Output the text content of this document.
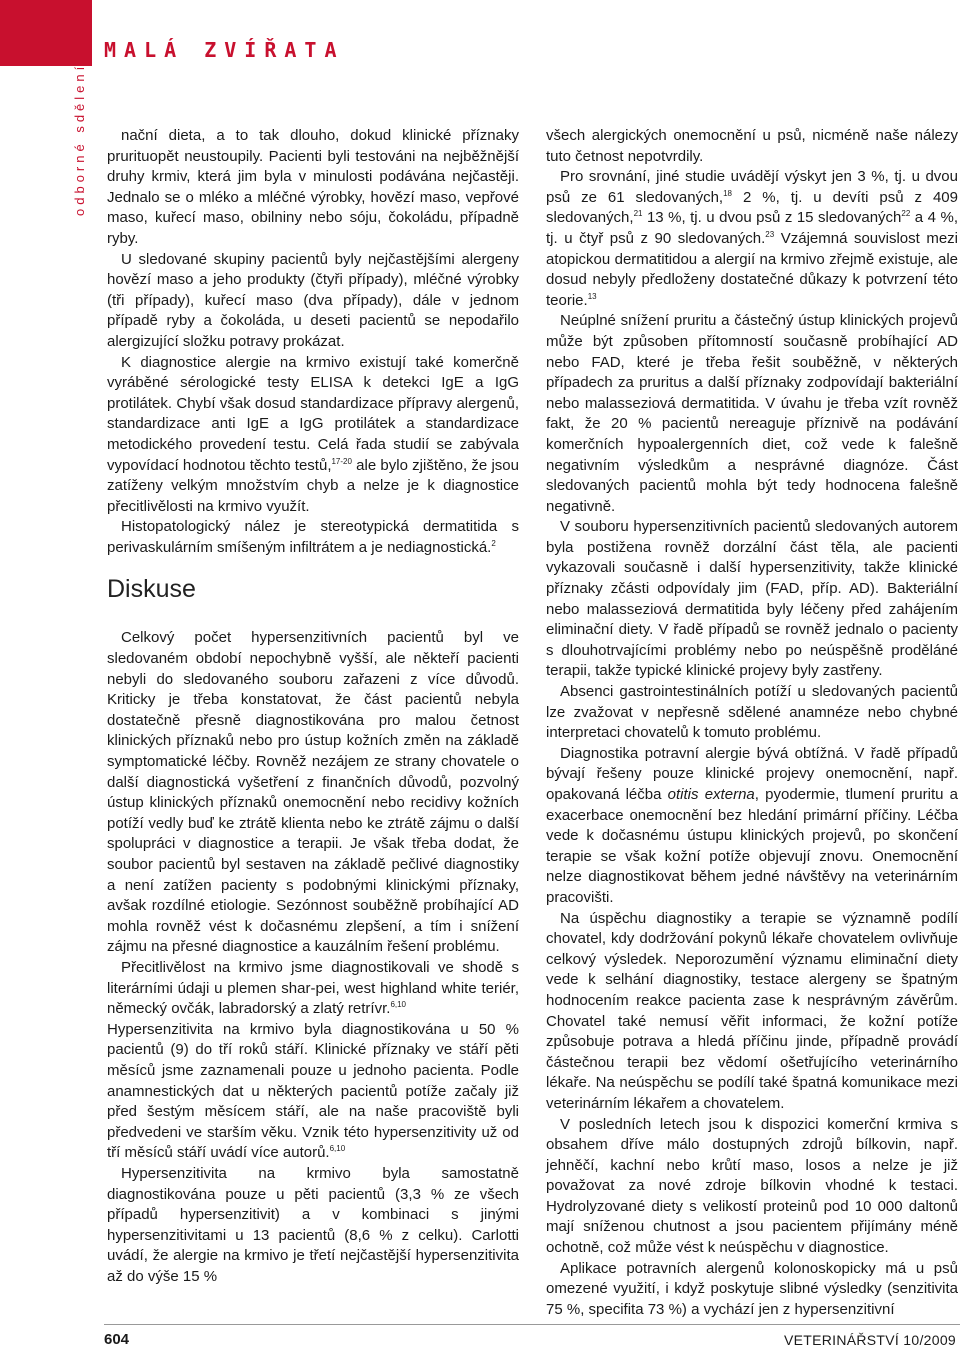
MALÁ ZVÍŘATA
odborné sdělení	nační dieta, a to tak dlouho, dokud klinické příznaky prurituopět neustoupily. Pacienti byli testováni na nejběžnější druhy krmiv, která jim byla v minulosti podávána nejčastěji. Jednalo se o mléko a mléčné výrobky, hovězí maso, vepřové maso, kuřecí maso, obilniny nebo sóju, čokoládu, případně ryby.

U sledované skupiny pacientů byly nejčastějšími alergeny hovězí maso a jeho produkty (čtyři případy), mléčné výrobky (tři případy), kuřecí maso (dva případy), dále v jednom případě ryby a čokoláda, u deseti pacientů se nepodařilo alergizující složku potravy prokázat.

K diagnostice alergie na krmivo existují také komerčně vyráběné sérologické testy ELISA k detekci IgE a IgG protilátek. Chybí však dosud standardizace přípravy alergenů, standardizace anti IgE a IgG protilátek a standardizace metodického provedení testu. Celá řada studií se zabývala vypovídací hodnotou těchto testů,$^{17-20}$ ale bylo zjištěno, že jsou zatíženy velkým množstvím chyb a nelze je k diagnostice přecitlivělosti na krmivo využít.

Histopatologický nález je stereotypická dermatitida s perivaskulárním smíšeným infiltrátem a je nediagnostická.$^2$

Diskuse

Celkový počet hypersenzitivních pacientů byl ve sledovaném období nepochybně vyšší, ale někteří pacienti nebyli do sledovaného souboru zařazeni z více důvodů. Kriticky je třeba konstatovat, že část pacientů nebyla dostatečně přesně diagnostikována pro malou četnost klinických příznaků nebo pro ústup kožních změn na základě symptomatické léčby. Rovněž nezájem ze strany chovatele o další diagnostická vyšetření z finančních důvodů, pozvolný ústup klinických příznaků onemocnění nebo recidivy kožních potíží vedly buď ke ztrátě klienta nebo ke ztrátě zájmu o další spolupráci v diagnostice a terapii. Je však třeba dodat, že soubor pacientů byl sestaven na základě pečlivé diagnostiky a není zatížen pacienty s podobnými klinickými příznaky, avšak rozdílné etiologie. Sezónnost souběžně probíhající AD mohla rovněž vést k dočasnému zlepšení, a tím i snížení zájmu na přesné diagnostice a kauzálním řešení problému.

Přecitlivělost na krmivo jsme diagnostikovali ve shodě s literárními údaji u plemen shar-pei, west highland white teriér, německý ovčák, labradorský a zlatý retrívr.$^{6,10}$

Hypersenzitivita na krmivo byla diagnostikována u 50 % pacientů (9) do tří roků stáří. Klinické příznaky ve stáří pěti měsíců jsme zaznamenali pouze u jednoho pacienta. Podle anamnestických dat u některých pacientů potíže začaly již před šestým měsícem stáří, ale na naše pracoviště byli předvedeni ve starším věku. Vznik této hypersenzitivity už od tří měsíců stáří uvádí více autorů.$^{6,10}$

Hypersenzitivita na krmivo byla samostatně diagnostikována pouze u pěti pacientů (3,3 % ze všech případů hypersenzitivit) a v kombinaci s jinými hypersenzitivitami u 13 pacientů (8,6 % z celku). Carlotti uvádí, že alergie na krmivo je třetí nejčastější hypersenzitivita až do výše 15 %

všech alergických onemocnění u psů, nicméně naše nálezy tuto četnost nepotvrdily.

Pro srovnání, jiné studie uvádějí výskyt jen 3 %, tj. u dvou psů ze 61 sledovaných,$^{18}$ 2 %, tj. u devíti psů z 409 sledovaných,$^{21}$ 13 %, tj. u dvou psů z 15 sledovaných$^{22}$ a 4 %, tj. u čtyř psů z 90 sledovaných.$^{23}$ Vzájemná souvislost mezi atopickou dermatitidou a alergií na krmivo zřejmě existuje, ale dosud nebyly předloženy dostatečné důkazy k potvrzení této teorie.$^{13}$

Neúplné snížení pruritu a částečný ústup klinických projevů může být způsoben přítomností současně probíhající AD nebo FAD, které je třeba řešit souběžně, v některých případech za pruritus a další příznaky zodpovídají bakteriální nebo malasseziová dermatitida. V úvahu je třeba vzít rovněž fakt, že 20 % pacientů nereaguje příznivě na podávání komerčních hypoalergenních diet, což vede k falešně negativním výsledkům a nesprávné diagnóze. Část sledovaných pacientů mohla být tedy hodnocena falešně negativně.

V souboru hypersenzitivních pacientů sledovaných autorem byla postižena rovněž dorzální část těla, ale pacienti vykazovali současně i další hypersenzitivity, takže klinické příznaky zčásti odpovídaly jim (FAD, příp. AD). Bakteriální nebo malasseziová dermatitida byly léčeny před zahájením eliminační diety. V řadě případů se rovněž jednalo o pacienty s dlouhotrvajícími problémy nebo po neúspěšně proděláné terapii, takže typické klinické projevy byly zastřeny.

Absenci gastrointestinálních potíží u sledovaných pacientů lze zvažovat v nepřesně sdělené anamnéze nebo chybné interpretaci chovatelů k tomuto problému.

Diagnostika potravní alergie bývá obtížná. V řadě případů bývají řešeny pouze klinické projevy onemocnění, např. opakovaná léčba otitis externa, pyodermie, tlumení pruritu a exacerbace onemocnění bez hledání primární příčiny. Léčba vede k dočasnému ústupu klinických projevů, po skončení terapie se však kožní potíže objevují znovu. Onemocnění nelze diagnostikovat během jedné návštěvy na veterinárním pracovišti.

Na úspěchu diagnostiky a terapie se významně podílí chovatel, kdy dodržování pokynů lékaře chovatelem ovlivňuje celkový výsledek. Neporozumění významu eliminační diety vede k selhání diagnostiky, testace alergeny se špatným hodnocením reakce pacienta zase k nesprávným závěrům. Chovatel také nemusí věřit informaci, že kožní potíže způsobuje potrava a hledá příčinu jinde, případně provádí částečnou terapii bez vědomí ošetřujícího veterinárního lékaře. Na neúspěchu se podílí také špatná komunikace mezi veterinárním lékařem a chovatelem.

V posledních letech jsou k dispozici komerční krmiva s obsahem dříve málo dostupných zdrojů bílkovin, např. jehněčí, kachní nebo krůtí maso, losos a nelze je již považovat za nové zdroje bílkovin vhodné k testaci. Hydrolyzované diety s velikostí proteinů pod 10 000 daltonů mají sníženou chutnost a jsou pacientem přijímány méně ochotně, což může vést k neúspěchu v diagnostice.

Aplikace potravních alergenů kolonoskopicky má u psů omezené využití, i když poskytuje slibné výsledky (senzitivita 75 %, specifita 73 %) a vychází jen z hypersenzitivní

604	VETERINÁŘSTVÍ 10/2009
